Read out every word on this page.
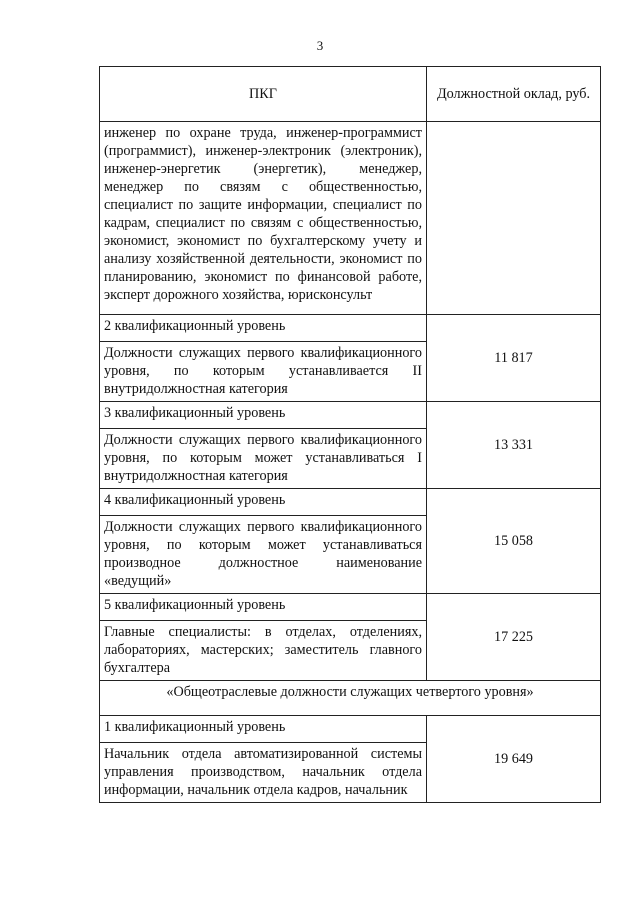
3
ПКГ	Должностной оклад, руб.
инженер по охране труда, инженер-программист (программист), инженер-электроник (электроник), инженер-энергетик (энергетик), менеджер, менеджер по связям с общественностью, специалист по защите информации, специалист по кадрам, специалист по связям с общественностью, экономист, экономист по бухгалтерскому учету и анализу хозяйственной деятельности, экономист по планированию, экономист по финансовой работе, эксперт дорожного хозяйства, юрисконсульт	
2 квалификационный уровень	11 817
Должности служащих первого квалификационного уровня, по которым устанавливается II внутридолжностная категория	
3 квалификационный уровень	13 331
Должности служащих первого квалификационного уровня, по которым может устанавливаться I внутридолжностная категория	
4 квалификационный уровень	15 058
Должности служащих первого квалификационного уровня, по которым может устанавливаться производное должностное наименование «ведущий»	
5 квалификационный уровень	17 225
Главные специалисты: в отделах, отделениях, лабораториях, мастерских; заместитель главного бухгалтера	
«Общеотраслевые должности служащих четвертого уровня»	
1 квалификационный уровень	19 649
Начальник отдела автоматизированной системы управления производством, начальник отдела информации, начальник отдела кадров, начальник	
